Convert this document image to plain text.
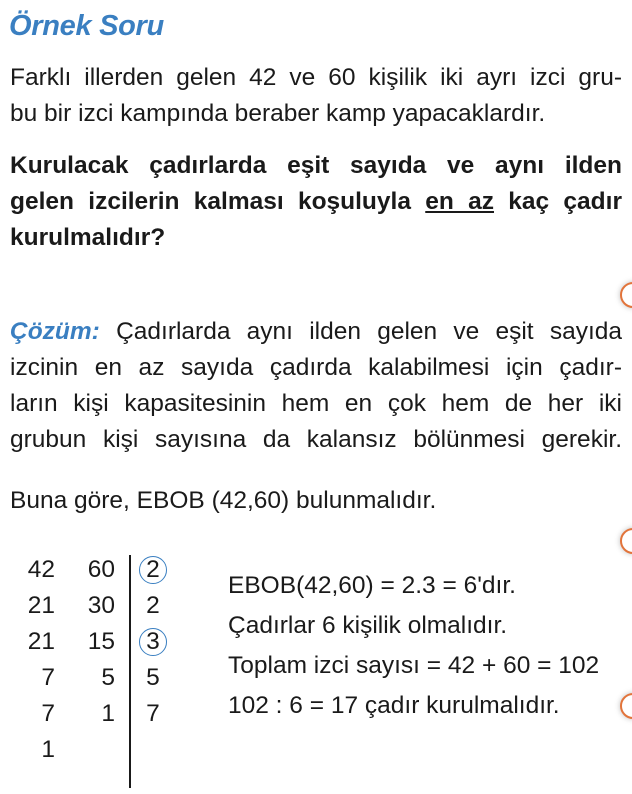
Örnek Soru
Farklı illerden gelen 42 ve 60 kişilik iki ayrı izci gru-
bu bir izci kampında beraber kamp yapacaklardır.
Kurulacak çadırlarda eşit sayıda ve aynı ilden
gelen izcilerin kalması koşuluyla en az kaç çadır
kurulmalıdır?
Çözüm: Çadırlarda aynı ilden gelen ve eşit sayıda
izcinin en az sayıda çadırda kalabilmesi için çadır-
ların kişi kapasitesinin hem en çok hem de her iki
grubun kişi sayısına da kalansız bölünmesi gerekir.
Buna göre, EBOB (42,60) bulunmalıdır.
42 60	2
21 30	2
21 15	3
7 5	5
7 1	7
1
EBOB(42,60) = 2.3 = 6'dır.
Çadırlar 6 kişilik olmalıdır.
Toplam izci sayısı = 42 + 60 = 102
102 : 6 = 17 çadır kurulmalıdır.
